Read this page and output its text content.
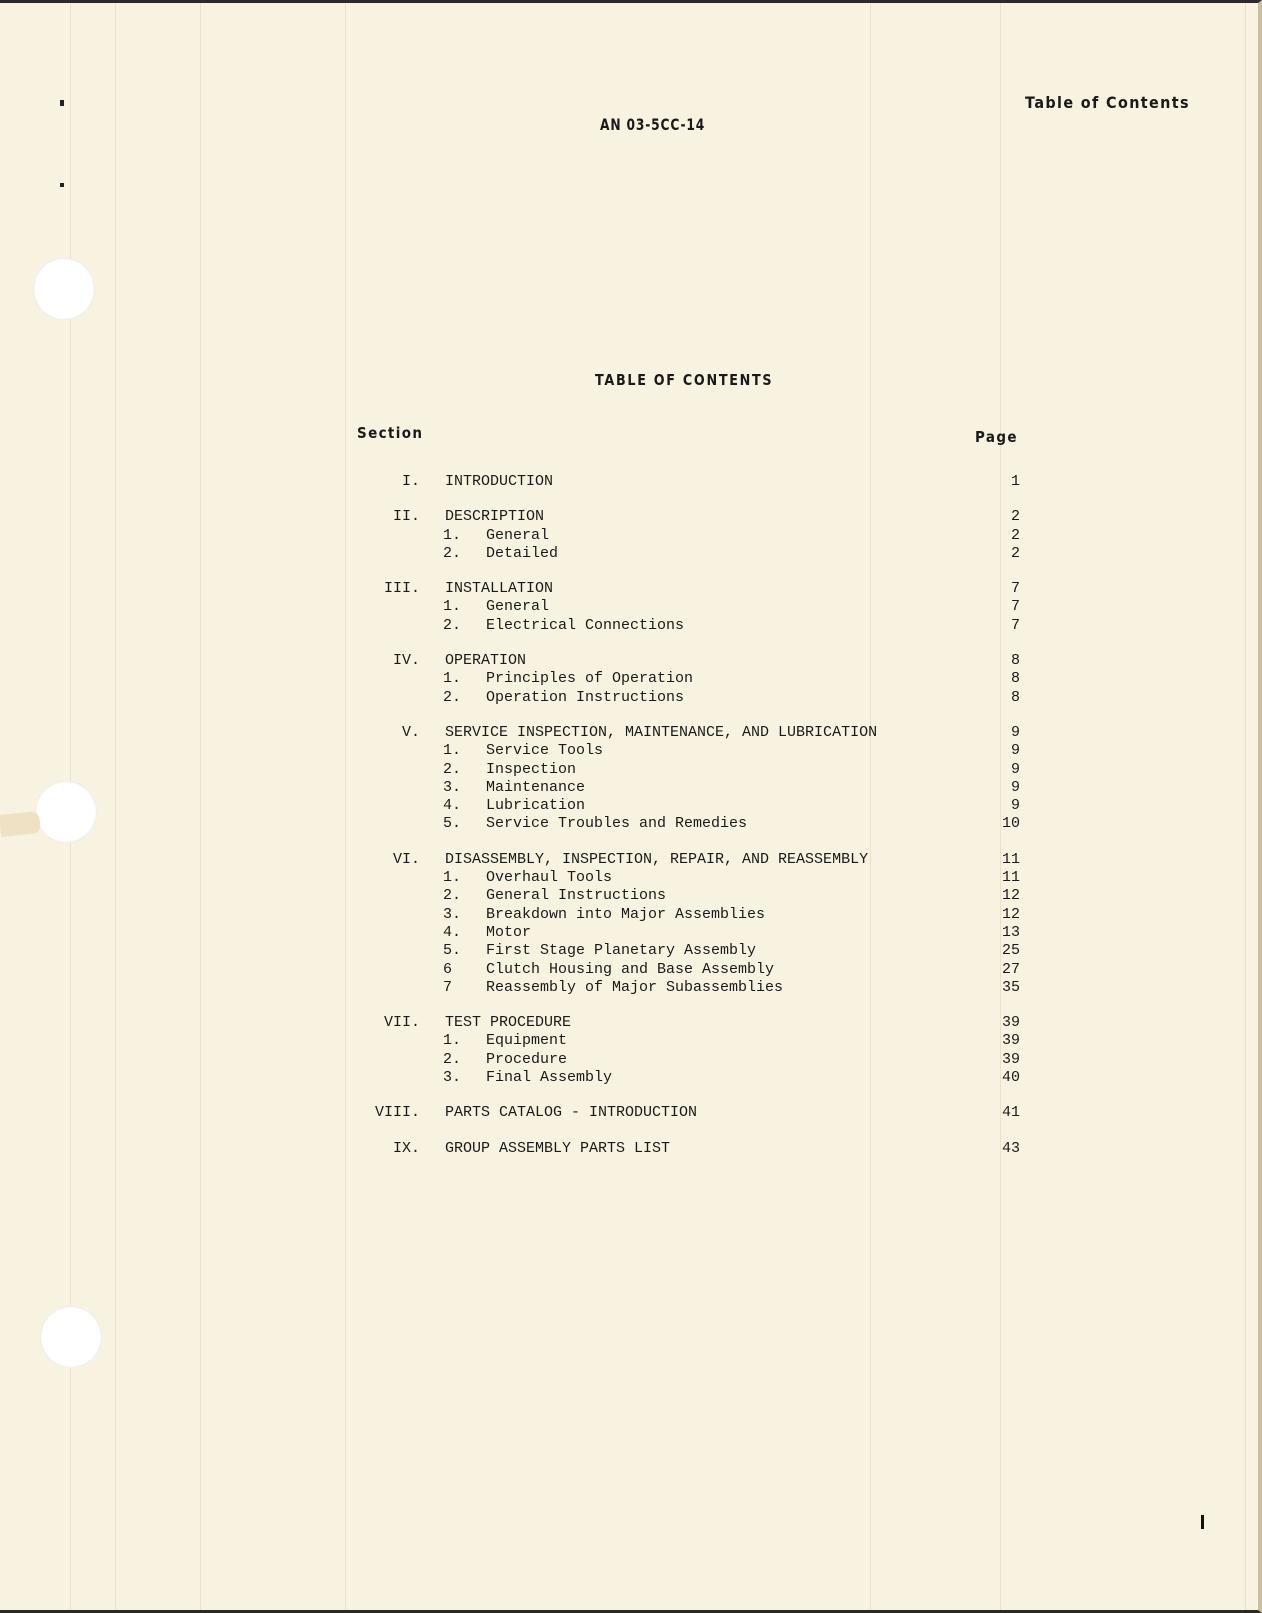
AN 03-5CC-14
Table of Contents
TABLE OF CONTENTS
Section	Page
I. INTRODUCTION	1
II. DESCRIPTION	2
1. General	2
2. Detailed	2
III. INSTALLATION	7
1. General	7
2. Electrical Connections	7
IV. OPERATION	8
1. Principles of Operation	8
2. Operation Instructions	8
V. SERVICE INSPECTION, MAINTENANCE, AND LUBRICATION	9
1. Service Tools	9
2. Inspection	9
3. Maintenance	9
4. Lubrication	9
5. Service Troubles and Remedies	10
VI. DISASSEMBLY, INSPECTION, REPAIR, AND REASSEMBLY	11
1. Overhaul Tools	11
2. General Instructions	12
3. Breakdown into Major Assemblies	12
4. Motor	13
5. First Stage Planetary Assembly	25
6 Clutch Housing and Base Assembly	27
7 Reassembly of Major Subassemblies	35
VII. TEST PROCEDURE	39
1. Equipment	39
2. Procedure	39
3. Final Assembly	40
VIII. PARTS CATALOG - INTRODUCTION	41
IX. GROUP ASSEMBLY PARTS LIST	43
